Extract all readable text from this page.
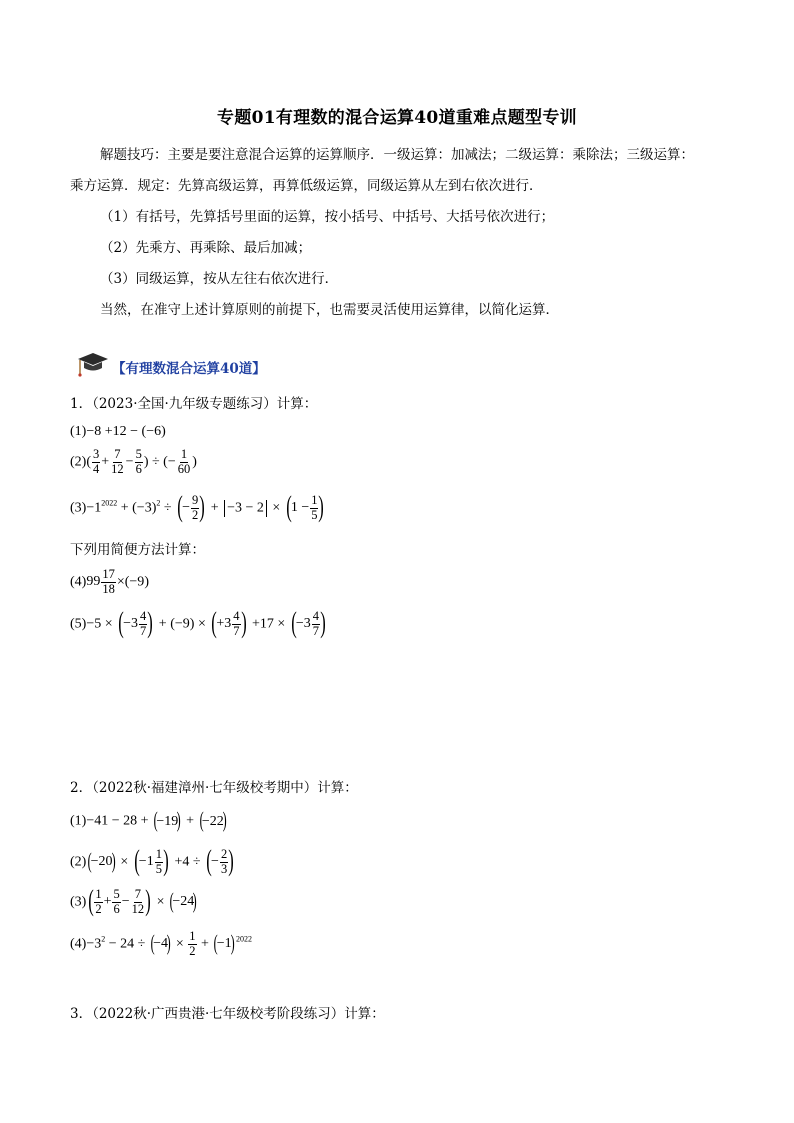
专题01有理数的混合运算40道重难点题型专训
解题技巧：主要是要注意混合运算的运算顺序．一级运算：加减法；二级运算：乘除法；三级运算：
乘方运算．规定：先算高级运算，再算低级运算，同级运算从左到右依次进行．
（1）有括号，先算括号里面的运算，按小括号、中括号、大括号依次进行；
（2）先乘方、再乘除、最后加减；
（3）同级运算，按从左往右依次进行．
当然，在准守上述计算原则的前提下，也需要灵活使用运算律，以简化运算．
【有理数混合运算40道】
1．（2023·全国·九年级专题练习）计算：
(1)−8 +12 − (−6)
$(2)( \frac{3}{4} + \frac{7}{12} - \frac{5}{6}$ ) ÷ (− $\frac{1}{60}$ )
$(3)-1^{2022} + (-3)^2$ ÷ ( − $\frac{9}{2}$ ) + −3 − 2 × ( $1 - \frac{1}{5}$ )
下列用简便方法计算：
(4) $99 \frac{17}{18} \times(-9)$
(5)−5 × ( $-3 \frac{4}{7}$ ) + (−9) × ( $+3 \frac{4}{7}$ ) +17 × ( $-3 \frac{4}{7}$ )
2．（2022秋·福建漳州·七年级校考期中）计算：
(1)−41 − 28 + (
−19
) + (
−22
)
(2) (
−20
) × ( $-1 \frac{1}{5}$ ) +4 ÷ ( − $\frac{2}{3}$ )
(3) ( $\frac{1}{2} + \frac{5}{6} - \frac{7}{12}$ ) × (
−24
)
$(4)-3^2 - 24$ ÷ (
−4
) × $\frac{1}{2}$ + (
−1
) $^{2022}$
3．（2022秋·广西贵港·七年级校考阶段练习）计算：
